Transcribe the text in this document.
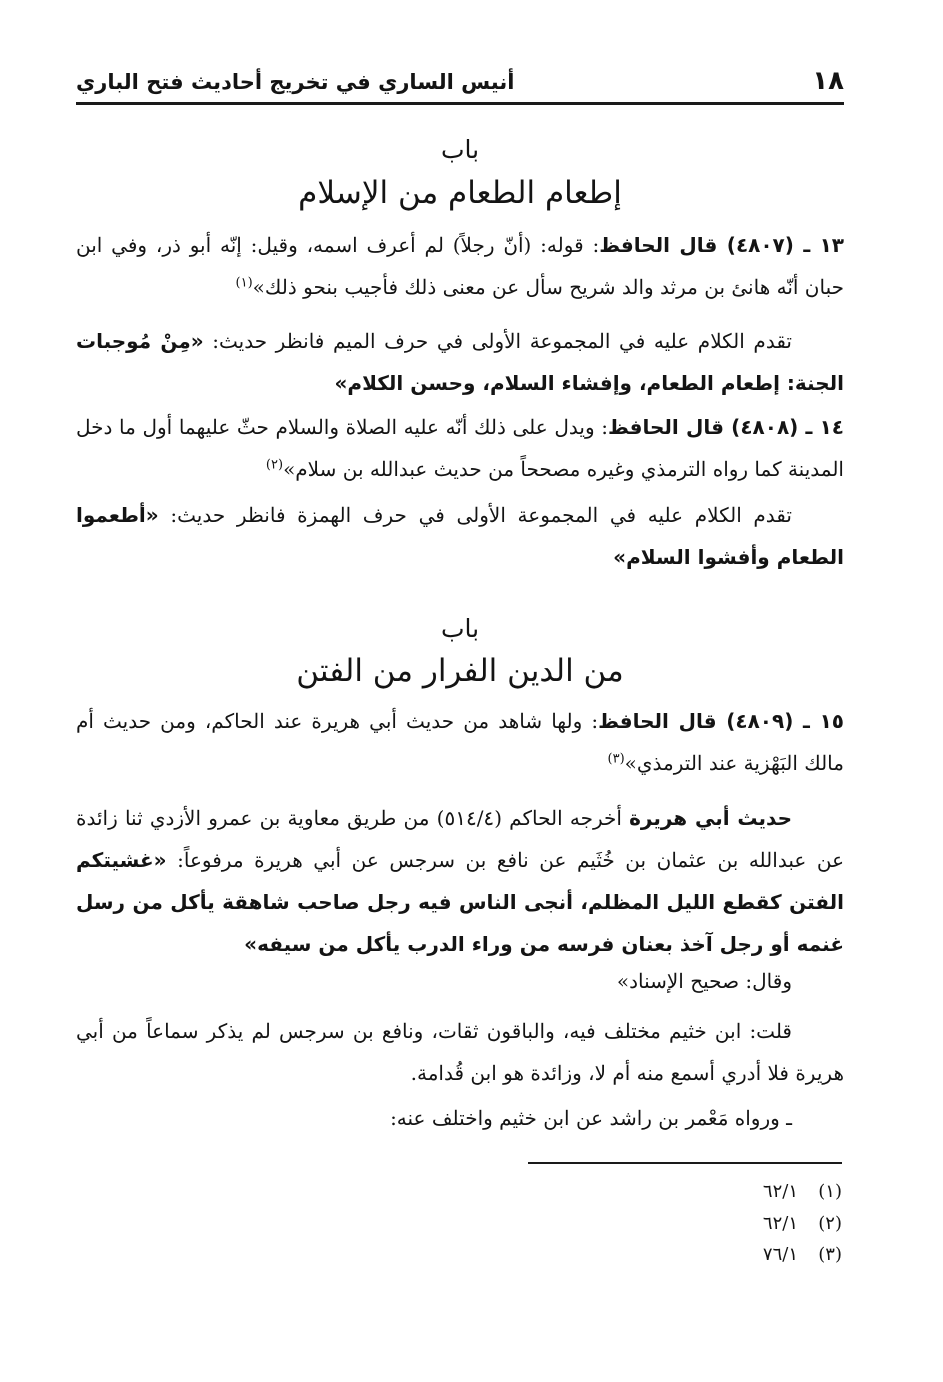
١٨
أنيس الساري في تخريج أحاديث فتح الباري
باب
إطعام الطعام من الإسلام
١٣ ـ (٤٨٠٧) قال الحافظ: قوله: (أنّ رجلاً) لم أعرف اسمه، وقيل: إنّه أبو ذر، وفي ابن حبان أنّه هانئ بن مرثد والد شريح سأل عن معنى ذلك فأجيب بنحو ذلك»$^{(١)}$
تقدم الكلام عليه في المجموعة الأولى في حرف الميم فانظر حديث: «مِنْ مُوجبات الجنة: إطعام الطعام، وإفشاء السلام، وحسن الكلام»
١٤ ـ (٤٨٠٨) قال الحافظ: ويدل على ذلك أنّه عليه الصلاة والسلام حثّ عليهما أول ما دخل المدينة كما رواه الترمذي وغيره مصححاً من حديث عبدالله بن سلام»$^{(٢)}$
تقدم الكلام عليه في المجموعة الأولى في حرف الهمزة فانظر حديث: «أطعموا الطعام وأفشوا السلام»
باب
من الدين الفرار من الفتن
١٥ ـ (٤٨٠٩) قال الحافظ: ولها شاهد من حديث أبي هريرة عند الحاكم، ومن حديث أم مالك البَهْزية عند الترمذي»$^{(٣)}$
حديث أبي هريرة أخرجه الحاكم (٥١٤/٤) من طريق معاوية بن عمرو الأزدي ثنا زائدة عن عبدالله بن عثمان بن خُثَيم عن نافع بن سرجس عن أبي هريرة مرفوعاً: «غشيتكم الفتن كقطع الليل المظلم، أنجى الناس فيه رجل صاحب شاهقة يأكل من رسل غنمه أو رجل آخذ بعنان فرسه من وراء الدرب يأكل من سيفه»
وقال: صحيح الإسناد»
قلت: ابن خثيم مختلف فيه، والباقون ثقات، ونافع بن سرجس لم يذكر سماعاً من أبي هريرة فلا أدري أسمع منه أم لا، وزائدة هو ابن قُدامة.
ـ ورواه مَعْمر بن راشد عن ابن خثيم واختلف عنه:
(١)٦٢/١
(٢)٦٢/١
(٣)٧٦/١
